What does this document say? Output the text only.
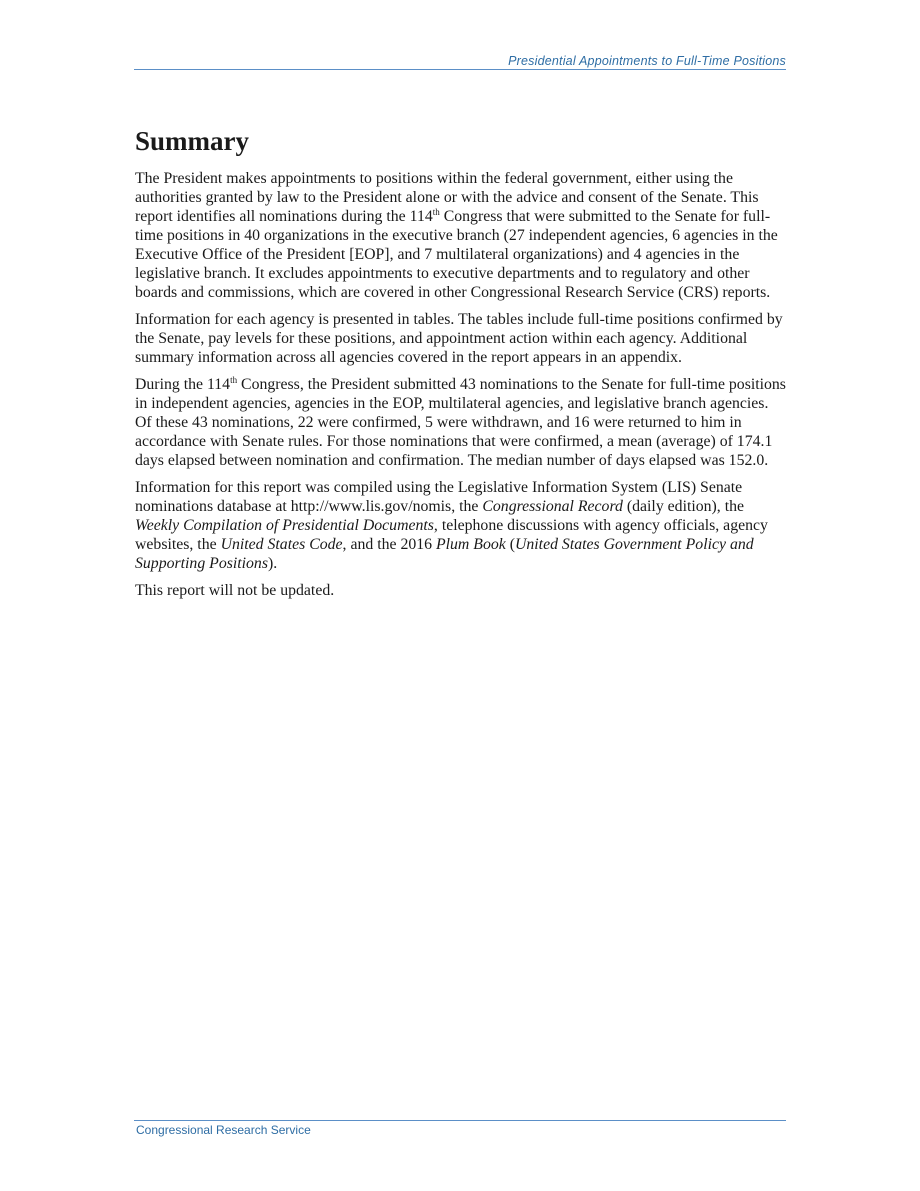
Presidential Appointments to Full-Time Positions
Summary

The President makes appointments to positions within the federal government, either using the authorities granted by law to the President alone or with the advice and consent of the Senate. This report identifies all nominations during the 114th Congress that were submitted to the Senate for full-time positions in 40 organizations in the executive branch (27 independent agencies, 6 agencies in the Executive Office of the President [EOP], and 7 multilateral organizations) and 4 agencies in the legislative branch. It excludes appointments to executive departments and to regulatory and other boards and commissions, which are covered in other Congressional Research Service (CRS) reports.

Information for each agency is presented in tables. The tables include full-time positions confirmed by the Senate, pay levels for these positions, and appointment action within each agency. Additional summary information across all agencies covered in the report appears in an appendix.

During the 114th Congress, the President submitted 43 nominations to the Senate for full-time positions in independent agencies, agencies in the EOP, multilateral agencies, and legislative branch agencies. Of these 43 nominations, 22 were confirmed, 5 were withdrawn, and 16 were returned to him in accordance with Senate rules. For those nominations that were confirmed, a mean (average) of 174.1 days elapsed between nomination and confirmation. The median number of days elapsed was 152.0.

Information for this report was compiled using the Legislative Information System (LIS) Senate nominations database at http://www.lis.gov/nomis, the Congressional Record (daily edition), the Weekly Compilation of Presidential Documents, telephone discussions with agency officials, agency websites, the United States Code, and the 2016 Plum Book (United States Government Policy and Supporting Positions).

This report will not be updated.

Congressional Research Service
